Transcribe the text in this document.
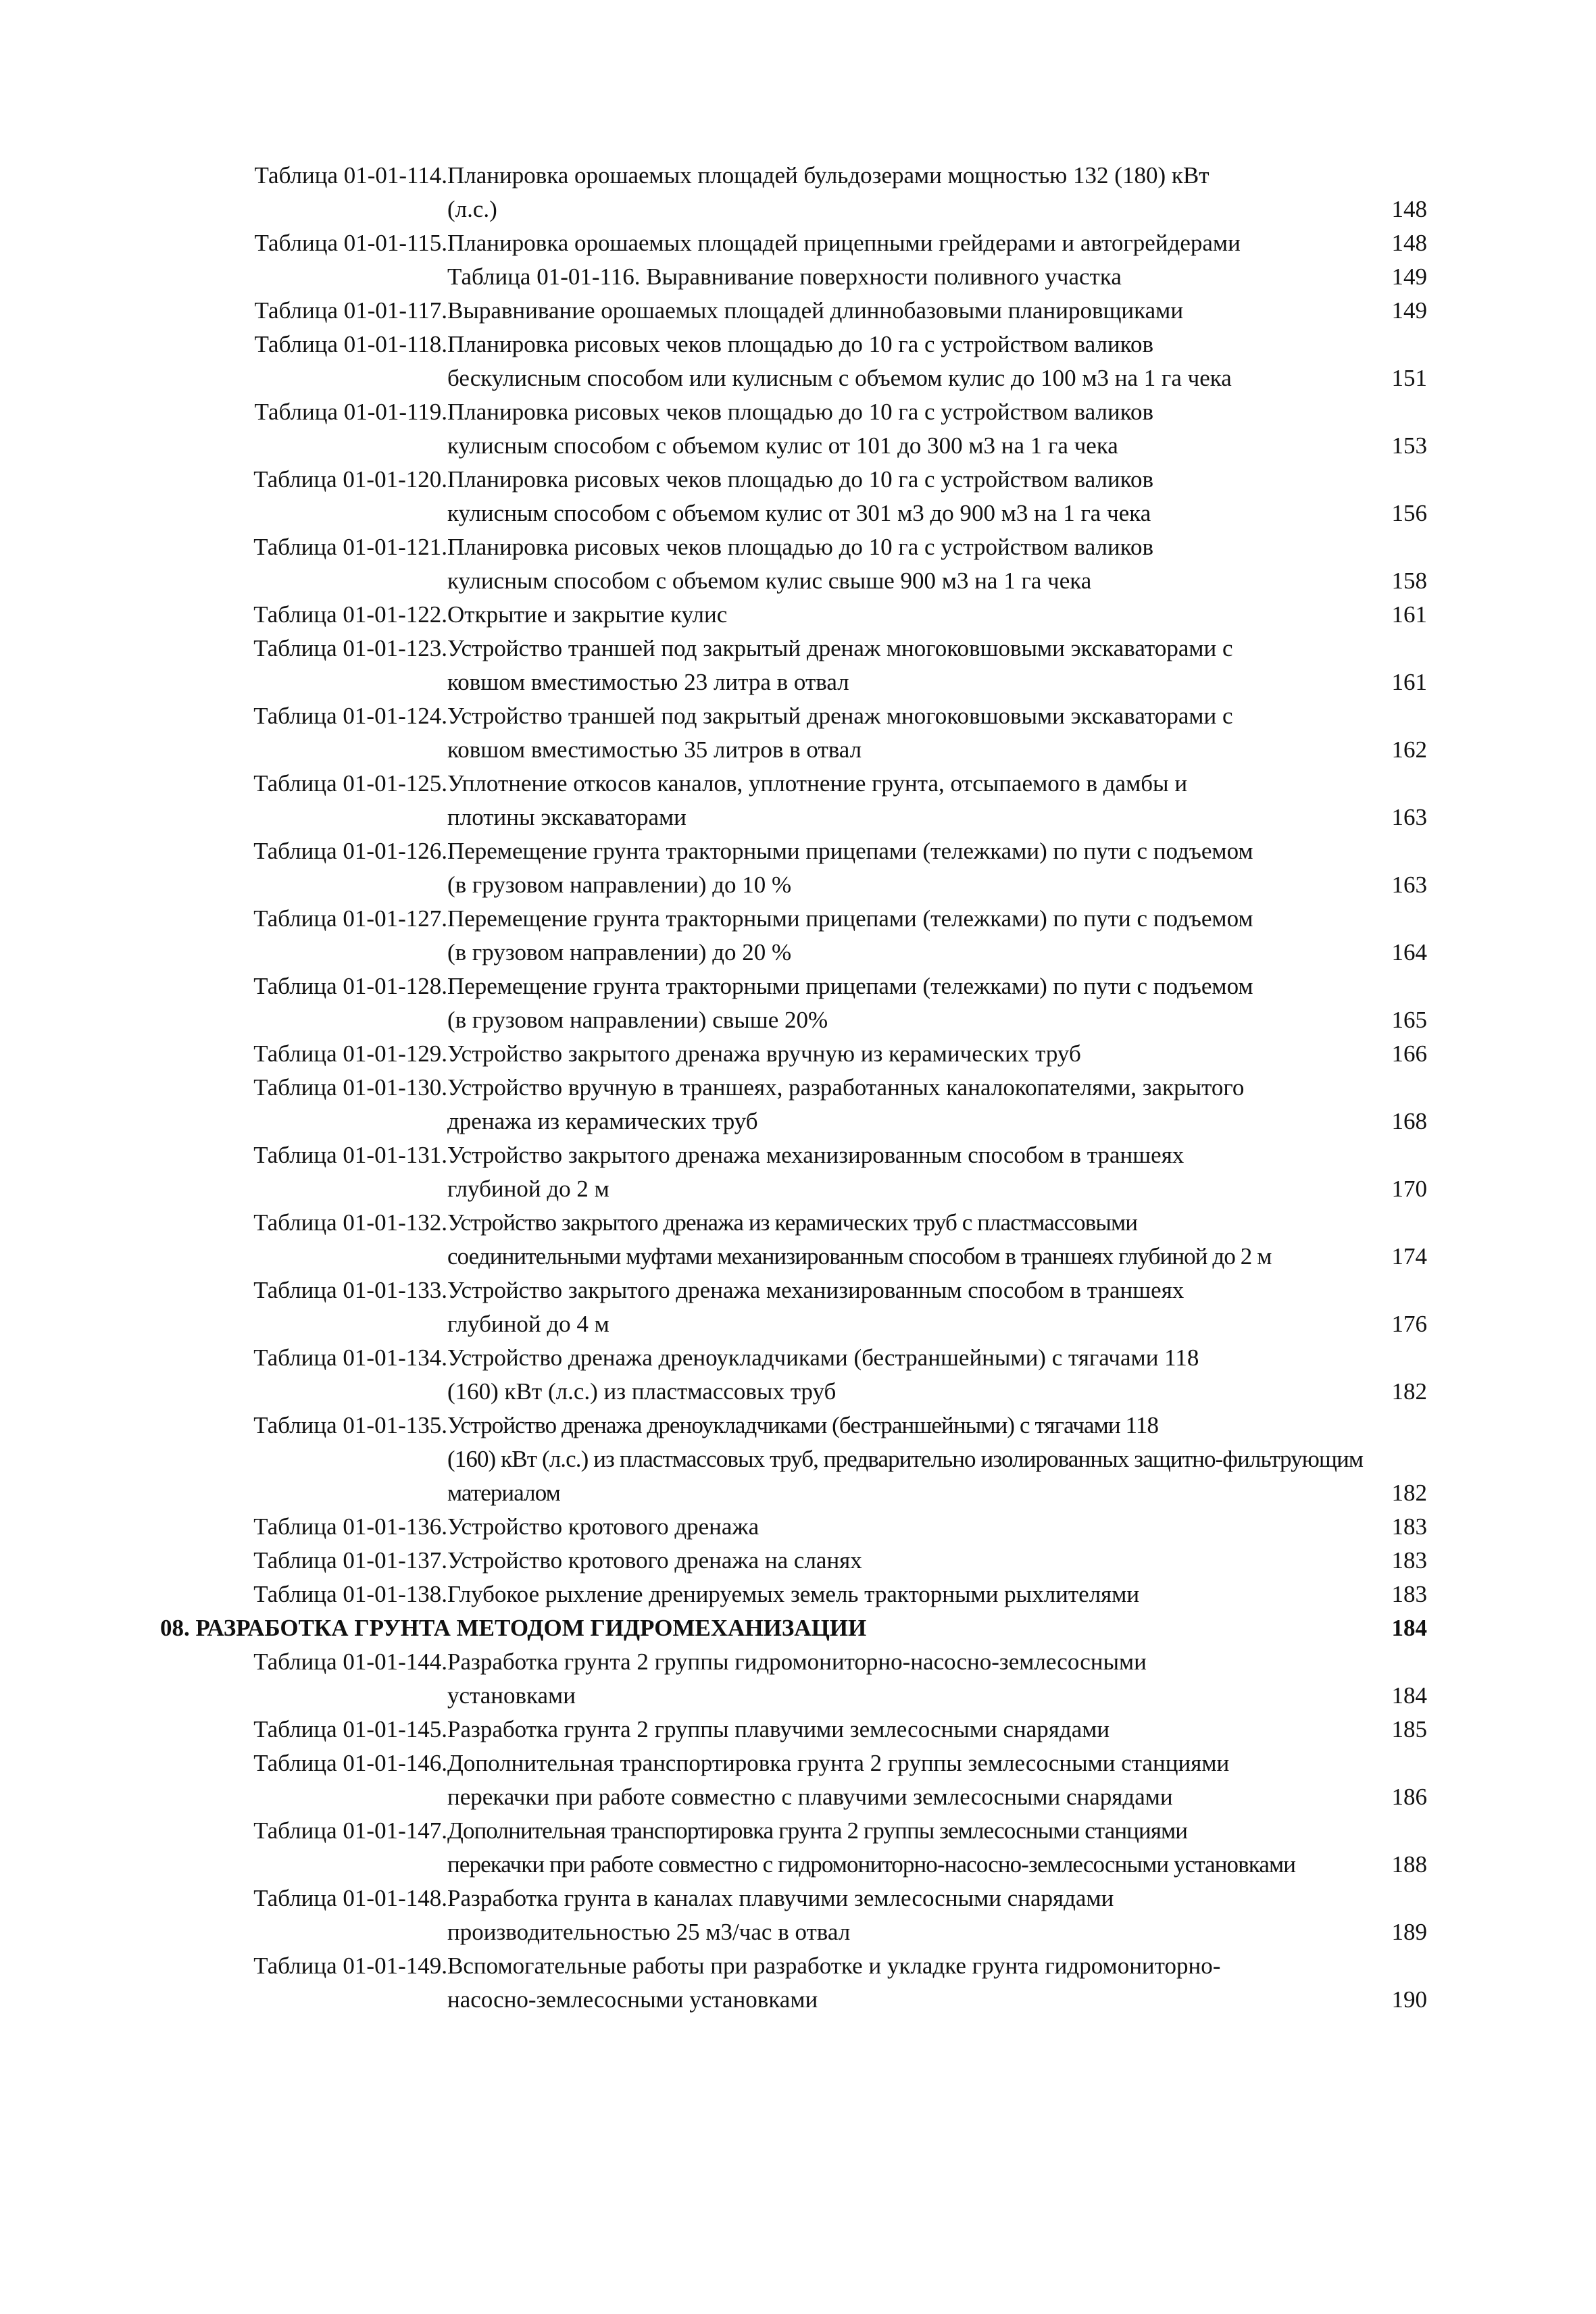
Таблица 01-01-114. Планировка орошаемых площадей бульдозерами мощностью 132 (180) кВт
(л.с.)	148
Таблица 01-01-115. Планировка орошаемых площадей прицепными грейдерами и автогрейдерами	148
Таблица 01-01-116. Выравнивание поверхности поливного участка	149
Таблица 01-01-117. Выравнивание орошаемых площадей длиннобазовыми планировщиками	149
Таблица 01-01-118. Планировка рисовых чеков площадью до 10 га с устройством валиков
бескулисным способом или кулисным с объемом кулис до 100 м3 на 1 га чека	151
Таблица 01-01-119. Планировка рисовых чеков площадью до 10 га с устройством валиков
кулисным способом с объемом кулис от 101 до 300 м3 на 1 га чека	153
Таблица 01-01-120. Планировка рисовых чеков площадью до 10 га с устройством валиков
кулисным способом с объемом кулис от 301 м3 до 900 м3 на 1 га чека	156
Таблица 01-01-121. Планировка рисовых чеков площадью до 10 га с устройством валиков
кулисным способом с объемом кулис свыше 900 м3 на 1 га чека	158
Таблица 01-01-122. Открытие и закрытие кулис	161
Таблица 01-01-123. Устройство траншей под закрытый дренаж многоковшовыми экскаваторами с
ковшом вместимостью 23 литра в отвал	161
Таблица 01-01-124. Устройство траншей под закрытый дренаж многоковшовыми экскаваторами с
ковшом вместимостью 35 литров в отвал	162
Таблица 01-01-125. Уплотнение откосов каналов, уплотнение грунта, отсыпаемого в дамбы и
плотины экскаваторами	163
Таблица 01-01-126. Перемещение грунта тракторными прицепами (тележками) по пути с подъемом
(в грузовом направлении) до 10 %	163
Таблица 01-01-127. Перемещение грунта тракторными прицепами (тележками) по пути с подъемом
(в грузовом направлении) до 20 %	164
Таблица 01-01-128. Перемещение грунта тракторными прицепами (тележками) по пути с подъемом
(в грузовом направлении) свыше 20%	165
Таблица 01-01-129. Устройство закрытого дренажа вручную из керамических труб	166
Таблица 01-01-130. Устройство вручную в траншеях, разработанных каналокопателями, закрытого
дренажа из керамических труб	168
Таблица 01-01-131. Устройство закрытого дренажа механизированным способом в траншеях
глубиной до 2 м	170
Таблица 01-01-132. Устройство закрытого дренажа из керамических труб с пластмассовыми
соединительными муфтами механизированным способом в траншеях глубиной до 2 м	174
Таблица 01-01-133. Устройство закрытого дренажа механизированным способом в траншеях
глубиной до 4 м	176
Таблица 01-01-134. Устройство дренажа дреноукладчиками (бестраншейными) с тягачами 118
(160) кВт (л.с.) из пластмассовых труб	182
Таблица 01-01-135. Устройство дренажа дреноукладчиками (бестраншейными) с тягачами 118
(160) кВт (л.с.) из пластмассовых труб, предварительно изолированных защитно-фильтрующим
материалом	182
Таблица 01-01-136. Устройство кротового дренажа	183
Таблица 01-01-137. Устройство кротового дренажа на сланях	183
Таблица 01-01-138. Глубокое рыхление дренируемых земель тракторными рыхлителями	183
08. РАЗРАБОТКА ГРУНТА МЕТОДОМ ГИДРОМЕХАНИЗАЦИИ	184
Таблица 01-01-144. Разработка грунта 2 группы гидромониторно-насосно-землесосными
установками	184
Таблица 01-01-145. Разработка грунта 2 группы плавучими землесосными снарядами	185
Таблица 01-01-146. Дополнительная транспортировка грунта 2 группы землесосными станциями
перекачки при работе совместно с плавучими землесосными снарядами	186
Таблица 01-01-147. Дополнительная транспортировка грунта 2 группы землесосными станциями
перекачки при работе совместно с гидромониторно-насосно-землесосными установками	188
Таблица 01-01-148. Разработка грунта в каналах плавучими землесосными снарядами
производительностью 25 м3/час в отвал	189
Таблица 01-01-149. Вспомогательные работы при разработке и укладке грунта гидромониторно-
насосно-землесосными установками	190
